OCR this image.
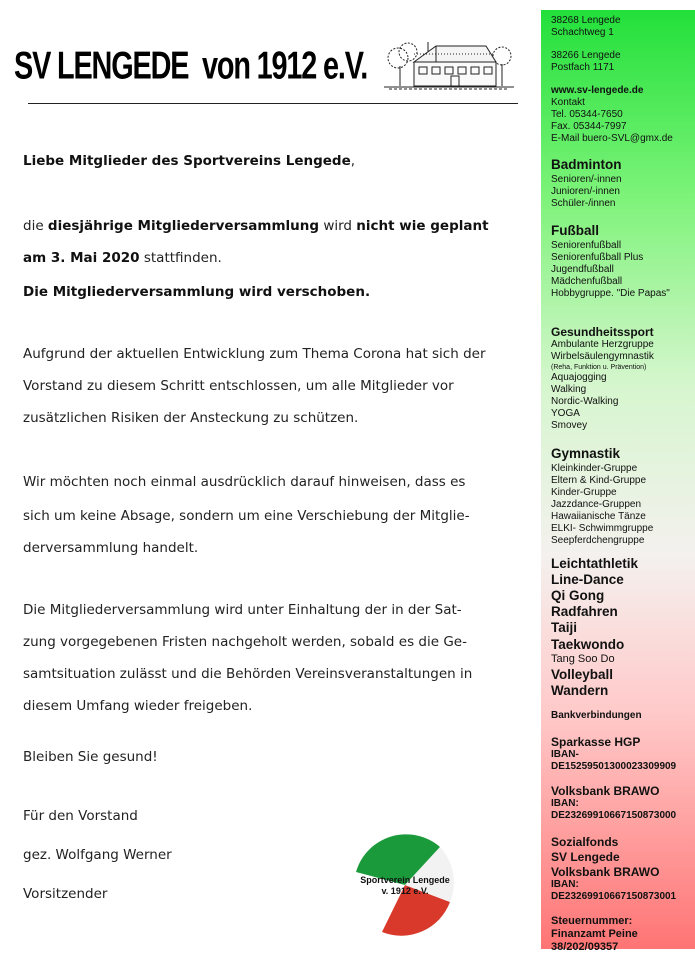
SV LENGEDE  von 1912 e.V.
Liebe Mitglieder des Sportvereins Lengede,
die diesjährige Mitgliederversammlung wird nicht wie geplant
am 3. Mai 2020 stattfinden.
Die Mitgliederversammlung wird verschoben.
Aufgrund der aktuellen Entwicklung zum Thema Corona hat sich der
Vorstand zu diesem Schritt entschlossen, um alle Mitglieder vor
zusätzlichen Risiken der Ansteckung zu schützen.
Wir möchten noch einmal ausdrücklich darauf hinweisen, dass es
sich um keine Absage, sondern um eine Verschiebung der Mitglie-
derversammlung handelt.
Die Mitgliederversammlung wird unter Einhaltung der in der Sat-
zung vorgegebenen Fristen nachgeholt werden, sobald es die Ge-
samtsituation zulässt und die Behörden Vereinsveranstaltungen in
diesem Umfang wieder freigeben.
Bleiben Sie gesund!
Für den Vorstand
gez. Wolfgang Werner
Vorsitzender
Sportverein Lengede
v. 1912 e.V.
38268 Lengede
Schachtweg 1
38266 Lengede
Postfach 1171
www.sv-lengede.de
Kontakt
Tel. 05344-7650
Fax. 05344-7997
E-Mail buero-SVL@gmx.de
Badminton
Senioren/-innen
Junioren/-innen
Schüler-/innen
Fußball
Seniorenfußball
Seniorenfußball Plus
Jugendfußball
Mädchenfußball
Hobbygruppe. "Die Papas"
Gesundheitssport
Ambulante Herzgruppe
Wirbelsäulengymnastik
(Reha, Funktion u. Prävention)
Aquajogging
Walking
Nordic-Walking
YOGA
Smovey
Gymnastik
Kleinkinder-Gruppe
Eltern & Kind-Gruppe
Kinder-Gruppe
Jazzdance-Gruppen
Hawaiianische Tänze
ELKI- Schwimmgruppe
Seepferdchengruppe
Leichtathletik
Line-Dance
Qi Gong
Radfahren
Taiji
Taekwondo
Tang Soo Do
Volleyball
Wandern
Bankverbindungen
Sparkasse HGP
IBAN-
DE15259501300023309909
Volksbank BRAWO
IBAN:
DE23269910667150873000
Sozialfonds
SV Lengede
Volksbank BRAWO
IBAN:
DE23269910667150873001
Steuernummer:
Finanzamt Peine
38/202/09357
